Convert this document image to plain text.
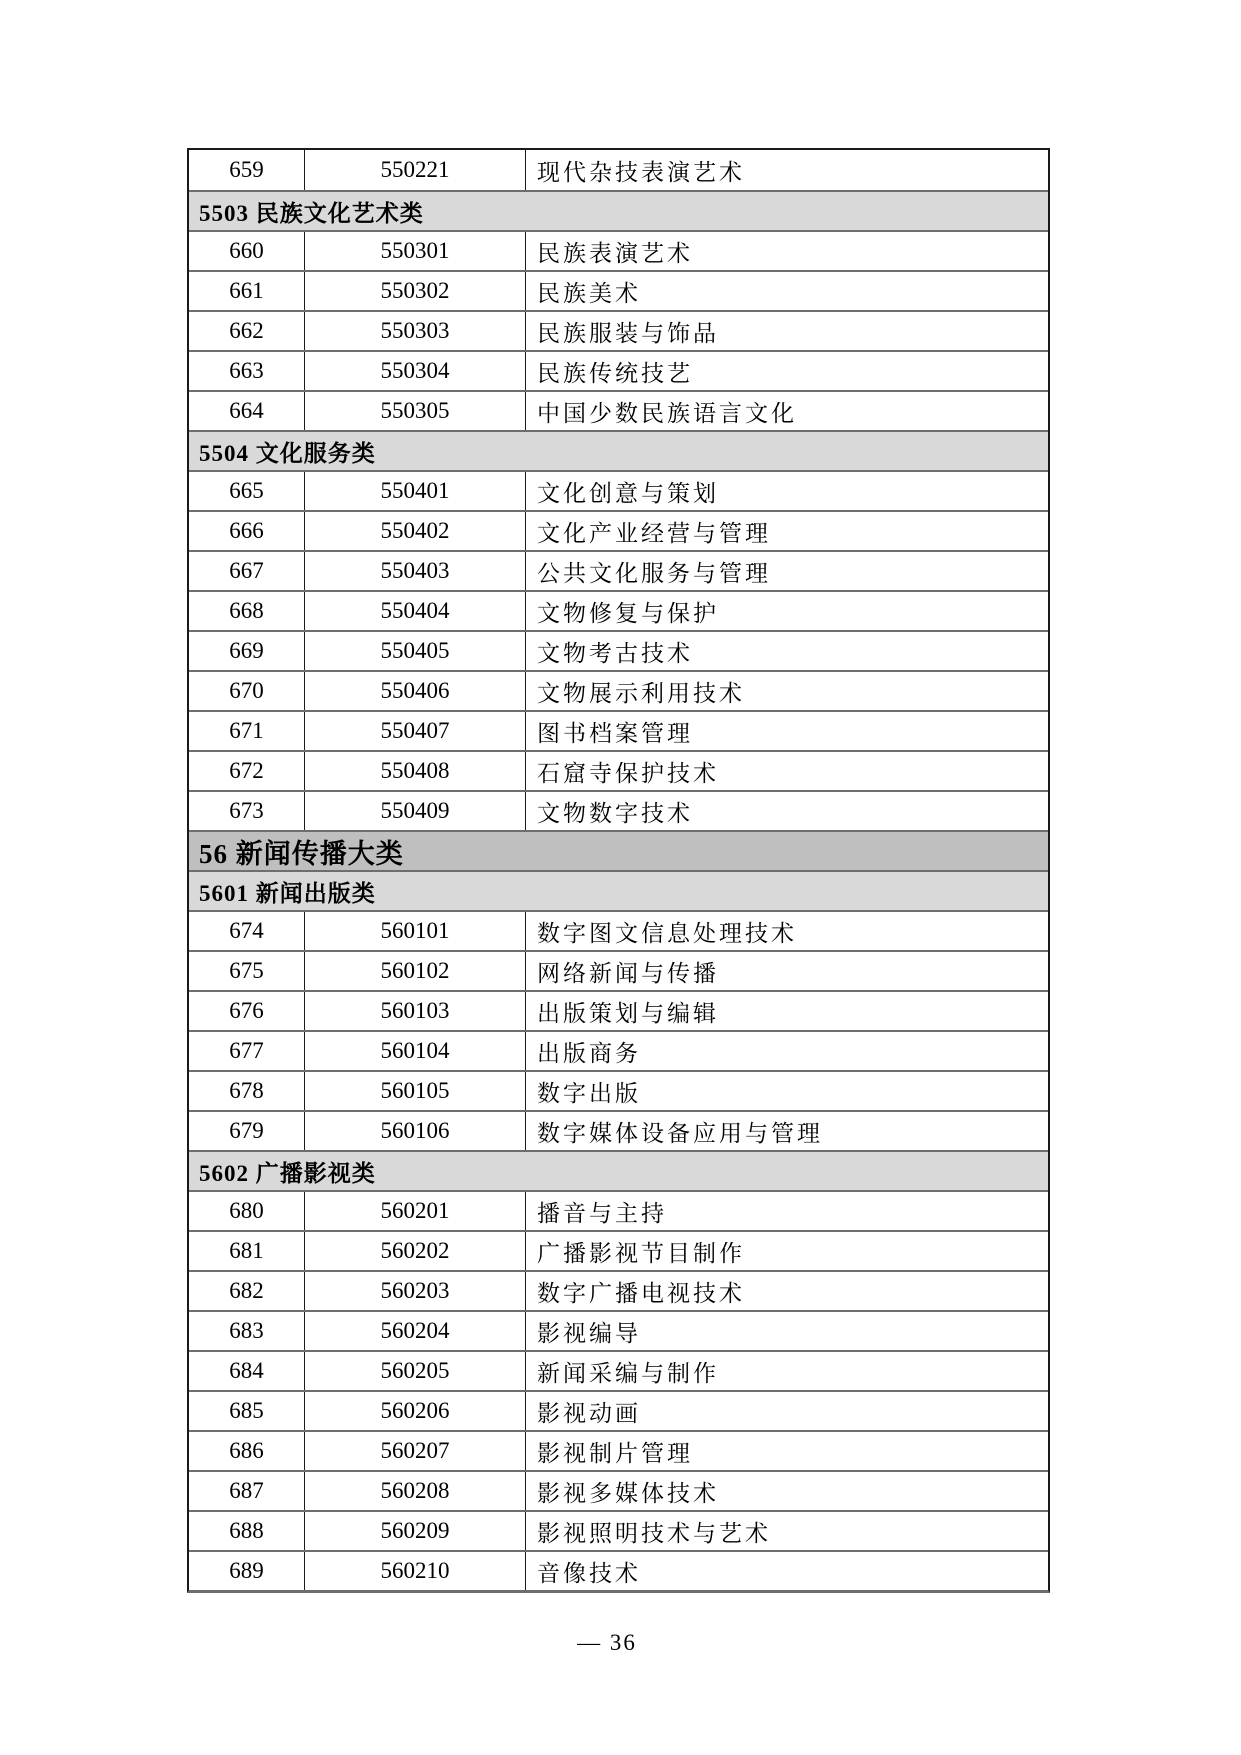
659	550221	现代杂技表演艺术
5503 民族文化艺术类
660	550301	民族表演艺术
661	550302	民族美术
662	550303	民族服装与饰品
663	550304	民族传统技艺
664	550305	中国少数民族语言文化
5504 文化服务类
665	550401	文化创意与策划
666	550402	文化产业经营与管理
667	550403	公共文化服务与管理
668	550404	文物修复与保护
669	550405	文物考古技术
670	550406	文物展示利用技术
671	550407	图书档案管理
672	550408	石窟寺保护技术
673	550409	文物数字技术
56 新闻传播大类
5601 新闻出版类
674	560101	数字图文信息处理技术
675	560102	网络新闻与传播
676	560103	出版策划与编辑
677	560104	出版商务
678	560105	数字出版
679	560106	数字媒体设备应用与管理
5602 广播影视类
680	560201	播音与主持
681	560202	广播影视节目制作
682	560203	数字广播电视技术
683	560204	影视编导
684	560205	新闻采编与制作
685	560206	影视动画
686	560207	影视制片管理
687	560208	影视多媒体技术
688	560209	影视照明技术与艺术
689	560210	音像技术
— 36
